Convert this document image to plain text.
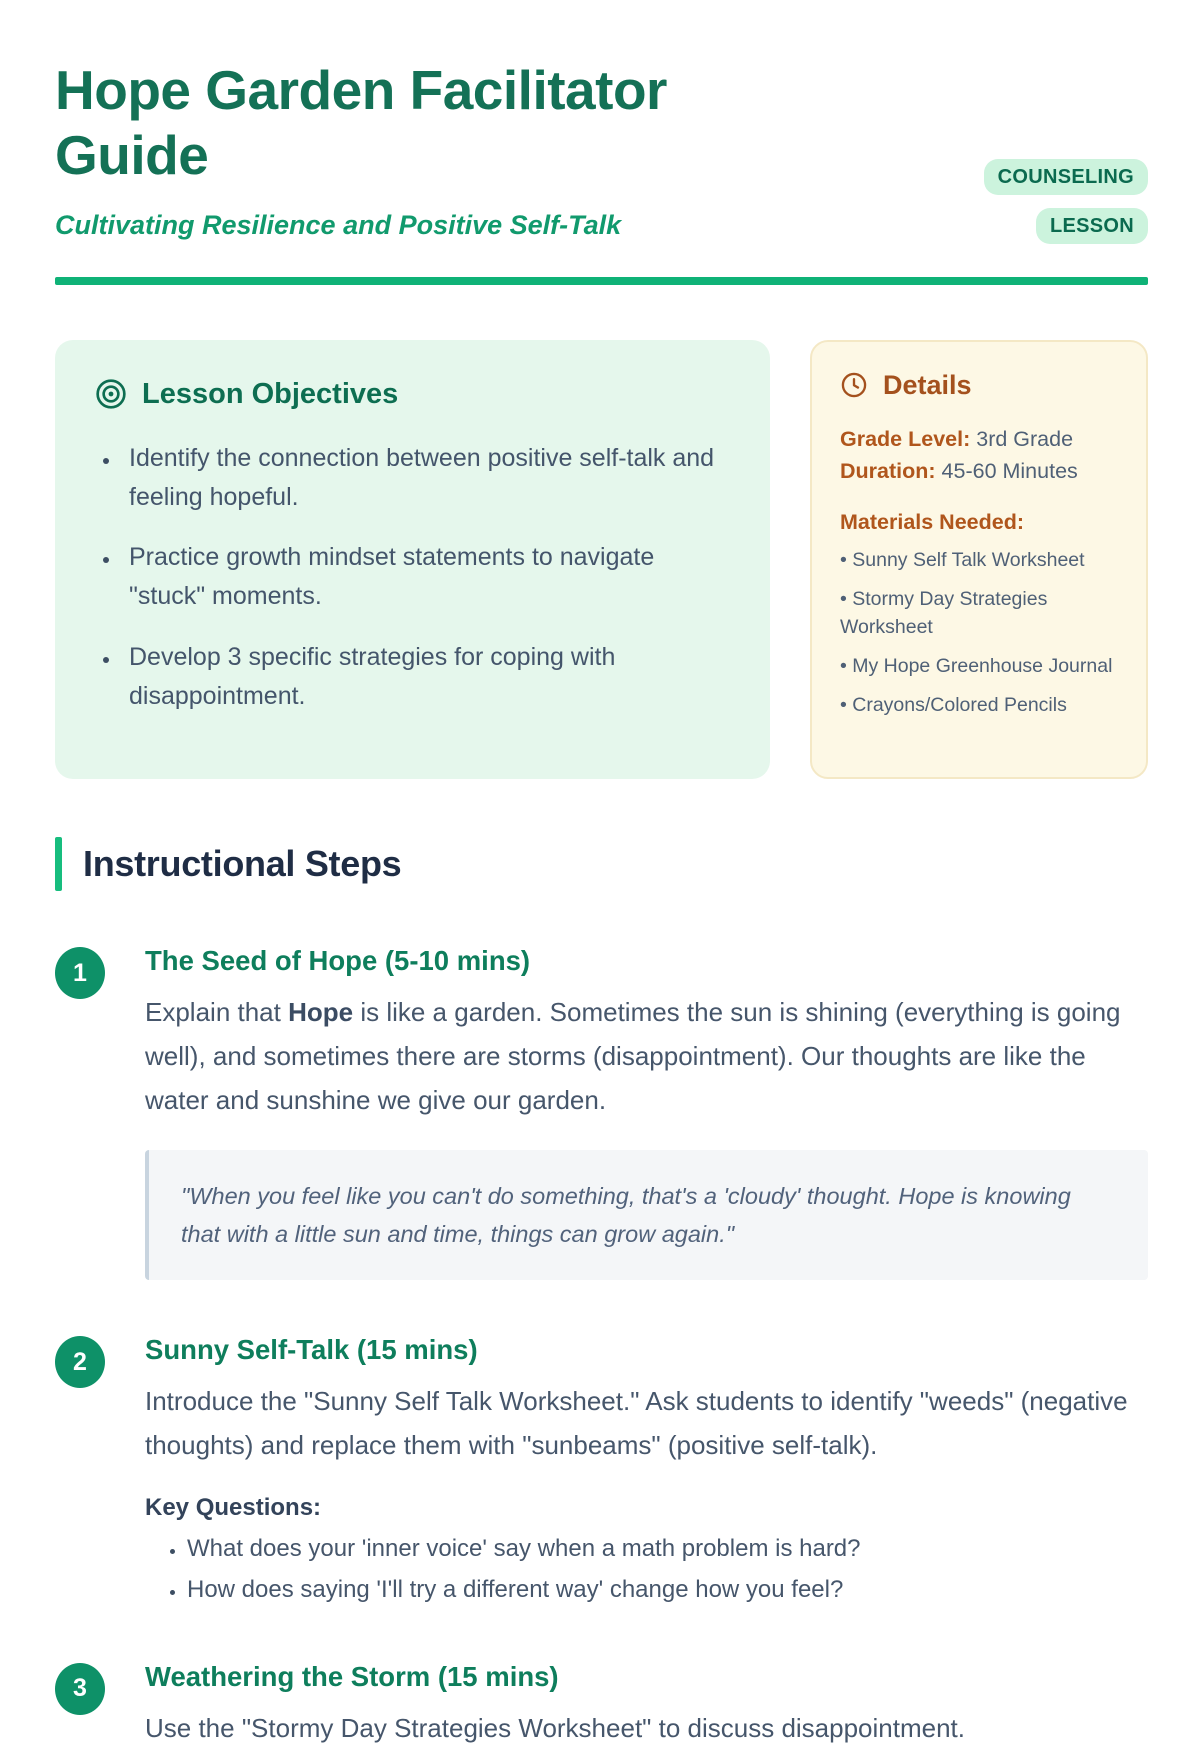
Hope Garden Facilitator Guide	COUNSELING LESSON

Cultivating Resilience and Positive Self-Talk

Lesson Objectives
• Identify the connection between positive self-talk and feeling hopeful.
• Practice growth mindset statements to navigate "stuck" moments.
• Develop 3 specific strategies for coping with disappointment.
Details
Grade Level: 3rd Grade
Duration: 45-60 Minutes
Materials Needed:
• Sunny Self Talk Worksheet
• Stormy Day Strategies Worksheet
• My Hope Greenhouse Journal
• Crayons/Colored Pencils
Instructional Steps
1	The Seed of Hope (5-10 mins)

Explain that Hope is like a garden. Sometimes the sun is shining (everything is going well), and sometimes there are storms (disappointment). Our thoughts are like the water and sunshine we give our garden.

"When you feel like you can't do something, that's a 'cloudy' thought. Hope is knowing that with a little sun and time, things can grow again."
2	Sunny Self-Talk (15 mins)

Introduce the "Sunny Self Talk Worksheet." Ask students to identify "weeds" (negative thoughts) and replace them with "sunbeams" (positive self-talk).

Key Questions:
• What does your 'inner voice' say when a math problem is hard?
• How does saying 'I'll try a different way' change how you feel?
3	Weathering the Storm (15 mins)

Use the "Stormy Day Strategies Worksheet" to discuss disappointment.
